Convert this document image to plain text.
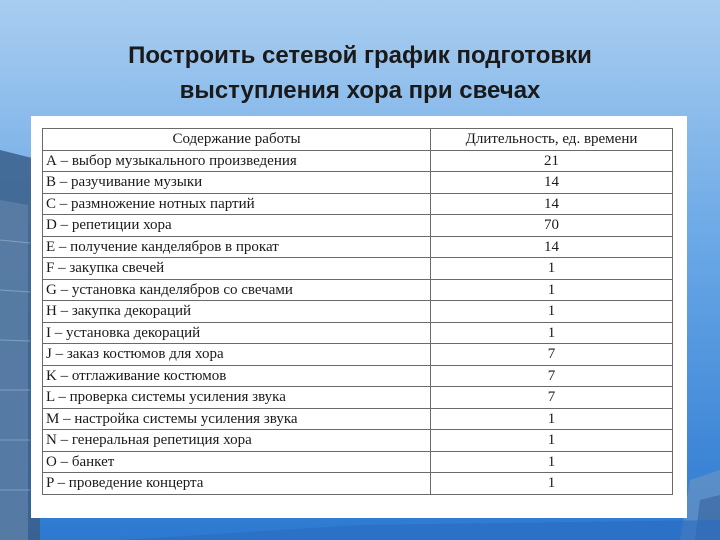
Построить сетевой график подготовки
выступления хора при свечах
Содержание работы	Длительность, ед. времени
А – выбор музыкального произведения	21
В – разучивание музыки	14
С – размножение нотных партий	14
D – репетиции хора	70
E – получение канделябров в прокат	14
F – закупка свечей	1
G – установка канделябров со свечами	1
H – закупка декораций	1
I – установка декораций	1
J – заказ костюмов для хора	7
K – отглаживание костюмов	7
L – проверка системы усиления звука	7
M – настройка системы усиления звука	1
N – генеральная репетиция хора	1
O – банкет	1
P – проведение концерта	1
